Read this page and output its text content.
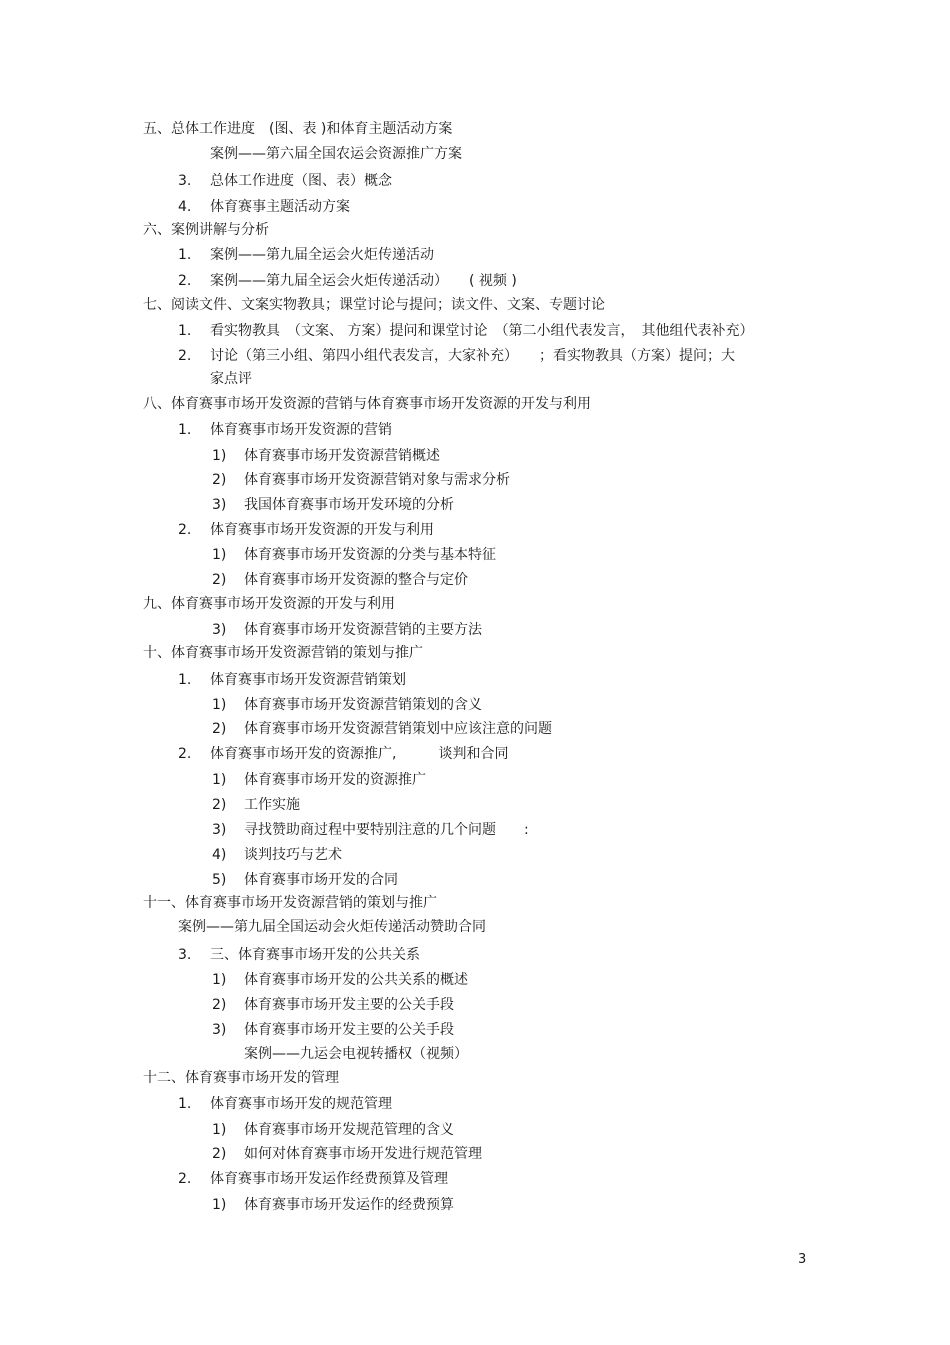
五、总体工作进度　(图、表 )和体育主题活动方案
案例——第六届全国农运会资源推广方案
3. 总体工作进度（图、表）概念
4. 体育赛事主题活动方案
六、案例讲解与分析
1. 案例——第九届全运会火炬传递活动
2. 案例——第九届全运会火炬传递活动）　　( 视频 )
七、阅读文件、文案实物教具；课堂讨论与提问；读文件、文案、专题讨论
1. 看实物教具　（文案、 方案）提问和课堂讨论　（第二小组代表发言，　其他组代表补充）
2. 讨论（第三小组、第四小组代表发言，大家补充）　　；看实物教具（方案）提问；大
家点评
八、体育赛事市场开发资源的营销与体育赛事市场开发资源的开发与利用
1. 体育赛事市场开发资源的营销
1) 体育赛事市场开发资源营销概述
2) 体育赛事市场开发资源营销对象与需求分析
3) 我国体育赛事市场开发环境的分析
2. 体育赛事市场开发资源的开发与利用
1) 体育赛事市场开发资源的分类与基本特征
2) 体育赛事市场开发资源的整合与定价
九、体育赛事市场开发资源的开发与利用
3) 体育赛事市场开发资源营销的主要方法
十、体育赛事市场开发资源营销的策划与推广
1. 体育赛事市场开发资源营销策划
1) 体育赛事市场开发资源营销策划的含义
2) 体育赛事市场开发资源营销策划中应该注意的问题
2. 体育赛事市场开发的资源推广,　　　谈判和合同
1) 体育赛事市场开发的资源推广
2) 工作实施
3) 寻找赞助商过程中要特别注意的几个问题　　:
4) 谈判技巧与艺术
5) 体育赛事市场开发的合同
十一、体育赛事市场开发资源营销的策划与推广
案例——第九届全国运动会火炬传递活动赞助合同
3. 三、体育赛事市场开发的公共关系
1) 体育赛事市场开发的公共关系的概述
2) 体育赛事市场开发主要的公关手段
3) 体育赛事市场开发主要的公关手段
案例——九运会电视转播权（视频）
十二、体育赛事市场开发的管理
1. 体育赛事市场开发的规范管理
1) 体育赛事市场开发规范管理的含义
2) 如何对体育赛事市场开发进行规范管理
2. 体育赛事市场开发运作经费预算及管理
1) 体育赛事市场开发运作的经费预算
3
